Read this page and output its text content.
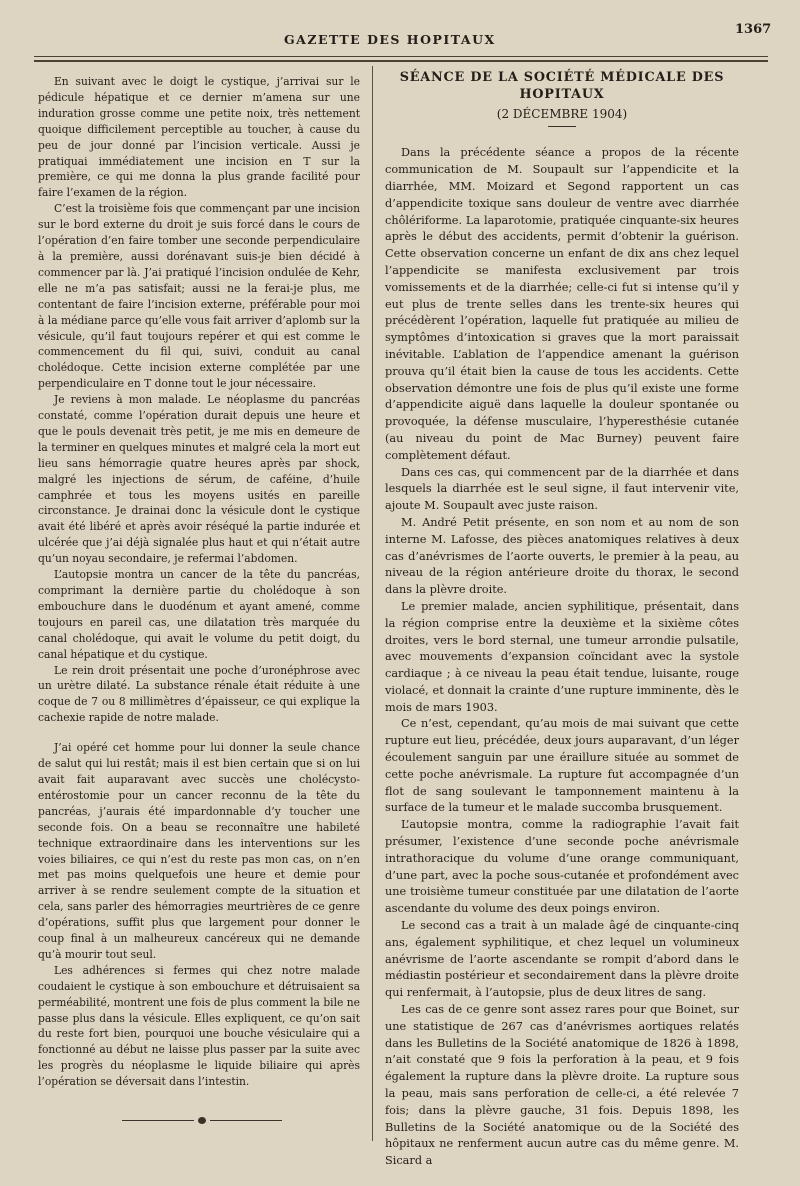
GAZETTE DES HOPITAUX
1367

En suivant avec le doigt le cystique, j’arrivai sur le pédicule hépatique et ce dernier m’amena sur une induration grosse comme une petite noix, très nettement quoique difficilement perceptible au toucher, à cause du peu de jour donné par l’incision verticale. Aussi je pratiquai immédiatement une incision en T sur la première, ce qui me donna la plus grande facilité pour faire l’examen de la région.

C’est la troisième fois que commençant par une incision sur le bord externe du droit je suis forcé dans le cours de l’opération d’en faire tomber une seconde perpendiculaire à la première, aussi dorénavant suis-je bien décidé à commencer par là. J’ai pratiqué l’incision ondulée de Kehr, elle ne m’a pas satisfait; aussi ne la ferai-je plus, me contentant de faire l’incision externe, préférable pour moi à la médiane parce qu’elle vous fait arriver d’aplomb sur la vésicule, qu’il faut toujours repérer et qui est comme le commencement du fil qui, suivi, conduit au canal cholédoque. Cette incision externe complétée par une perpendiculaire en T donne tout le jour nécessaire.

Je reviens à mon malade. Le néoplasme du pancréas constaté, comme l’opération durait depuis une heure et que le pouls devenait très petit, je me mis en demeure de la terminer en quelques minutes et malgré cela la mort eut lieu sans hémorragie quatre heures après par shock, malgré les injections de sérum, de caféine, d’huile camphrée et tous les moyens usités en pareille circonstance. Je drainai donc la vésicule dont le cystique avait été libéré et après avoir réséqué la partie indurée et ulcérée que j’ai déjà signalée plus haut et qui n’était autre qu’un noyau secondaire, je refermai l’abdomen.

L’autopsie montra un cancer de la tête du pancréas, comprimant la dernière partie du cholédoque à son embouchure dans le duodénum et ayant amené, comme toujours en pareil cas, une dilatation très marquée du canal cholédoque, qui avait le volume du petit doigt, du canal hépatique et du cystique.

Le rein droit présentait une poche d’uronéphrose avec un urètre dilaté. La substance rénale était réduite à une coque de 7 ou 8 millimètres d’épaisseur, ce qui explique la cachexie rapide de notre malade.

J’ai opéré cet homme pour lui donner la seule chance de salut qui lui restât; mais il est bien certain que si on lui avait fait auparavant avec succès une cholécysto-entérostomie pour un cancer reconnu de la tête du pancréas, j’aurais été impardonnable d’y toucher une seconde fois. On a beau se reconnaître une habileté technique extraordinaire dans les interventions sur les voies biliaires, ce qui n’est du reste pas mon cas, on n’en met pas moins quelquefois une heure et demie pour arriver à se rendre seulement compte de la situation et cela, sans parler des hémorragies meurtrières de ce genre d’opérations, suffit plus que largement pour donner le coup final à un malheureux cancéreux qui ne demande qu’à mourir tout seul.

Les adhérences si fermes qui chez notre malade coudaient le cystique à son embouchure et détruisaient sa perméabilité, montrent une fois de plus comment la bile ne passe plus dans la vésicule. Elles expliquent, ce qu’on sait du reste fort bien, pourquoi une bouche vésiculaire qui a fonctionné au début ne laisse plus passer par la suite avec les progrès du néoplasme le liquide biliaire qui après l’opération se déversait dans l’intestin.

SÉANCE DE LA SOCIÉTÉ MÉDICALE DES HOPITAUX
(2 DÉCEMBRE 1904)

Dans la précédente séance a propos de la récente communication de M. Soupault sur l’appendicite et la diarrhée, MM. Moizard et Segond rapportent un cas d’appendicite toxique sans douleur de ventre avec diarrhée chôlériforme. La laparotomie, pratiquée cinquante-six heures après le début des accidents, permit d’obtenir la guérison. Cette observation concerne un enfant de dix ans chez lequel l’appendicite se manifesta exclusivement par trois vomissements et de la diarrhée; celle-ci fut si intense qu’il y eut plus de trente selles dans les trente-six heures qui précédèrent l’opération, laquelle fut pratiquée au milieu de symptômes d’intoxication si graves que la mort paraissait inévitable. L’ablation de l’appendice amenant la guérison prouva qu’il était bien la cause de tous les accidents. Cette observation démontre une fois de plus qu’il existe une forme d’appendicite aiguë dans laquelle la douleur spontanée ou provoquée, la défense musculaire, l’hyperesthésie cutanée (au niveau du point de Mac Burney) peuvent faire complètement défaut.

Dans ces cas, qui commencent par de la diarrhée et dans lesquels la diarrhée est le seul signe, il faut intervenir vite, ajoute M. Soupault avec juste raison.

M. André Petit présente, en son nom et au nom de son interne M. Lafosse, des pièces anatomiques relatives à deux cas d’anévrismes de l’aorte ouverts, le premier à la peau, au niveau de la région antérieure droite du thorax, le second dans la plèvre droite.

Le premier malade, ancien syphilitique, présentait, dans la région comprise entre la deuxième et la sixième côtes droites, vers le bord sternal, une tumeur arrondie pulsatile, avec mouvements d’expansion coïncidant avec la systole cardiaque ; à ce niveau la peau était tendue, luisante, rouge violacé, et donnait la crainte d’une rupture imminente, dès le mois de mars 1903.

Ce n’est, cependant, qu’au mois de mai suivant que cette rupture eut lieu, précédée, deux jours auparavant, d’un léger écoulement sanguin par une éraillure située au sommet de cette poche anévrismale. La rupture fut accompagnée d’un flot de sang soulevant le tamponnement maintenu à la surface de la tumeur et le malade succomba brusquement.

L’autopsie montra, comme la radiographie l’avait fait présumer, l’existence d’une seconde poche anévrismale intrathoracique du volume d’une orange communiquant, d’une part, avec la poche sous-cutanée et profondément avec une troisième tumeur constituée par une dilatation de l’aorte ascendante du volume des deux poings environ.

Le second cas a trait à un malade âgé de cinquante-cinq ans, également syphilitique, et chez lequel un volumineux anévrisme de l’aorte ascendante se rompit d’abord dans le médiastin postérieur et secondairement dans la plèvre droite qui renfermait, à l’autopsie, plus de deux litres de sang.

Les cas de ce genre sont assez rares pour que Boinet, sur une statistique de 267 cas d’anévrismes aortiques relatés dans les Bulletins de la Société anatomique de 1826 à 1898, n’ait constaté que 9 fois la perforation à la peau, et 9 fois également la rupture dans la plèvre droite. La rupture sous la peau, mais sans perforation de celle-ci, a été relevée 7 fois; dans la plèvre gauche, 31 fois. Depuis 1898, les Bulletins de la Société anatomique ou de la Société des hôpitaux ne renferment aucun autre cas du même genre. M. Sicard a
